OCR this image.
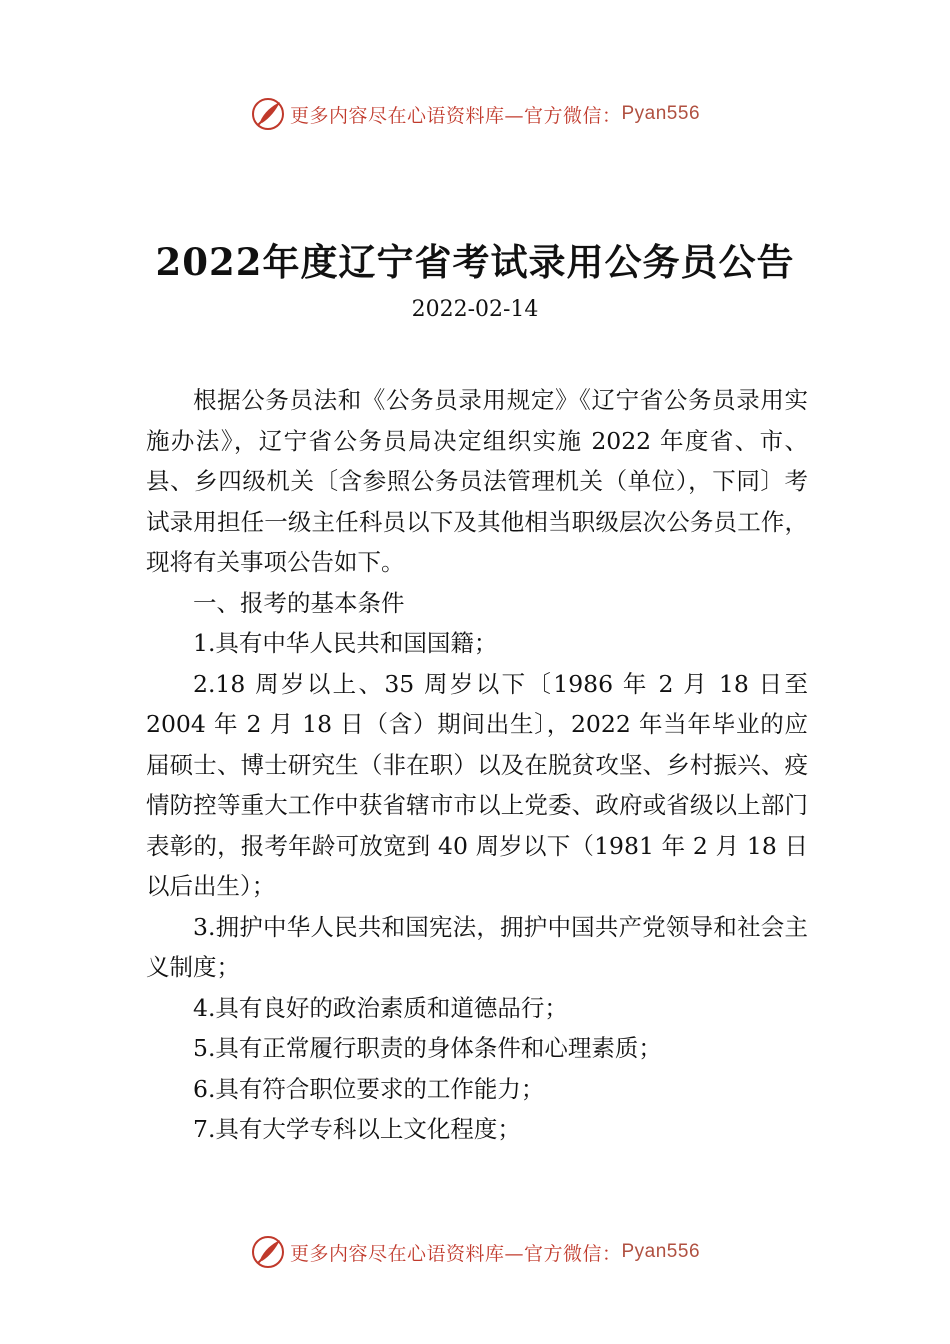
更多内容尽在心语资料库—官方微信： Pyan556
2022年度辽宁省考试录用公务员公告
2022-02-14

根据公务员法和《公务员录用规定》《辽宁省公务员录用实施办法》，辽宁省公务员局决定组织实施 2022 年度省、市、县、乡四级机关〔含参照公务员法管理机关（单位），下同〕考试录用担任一级主任科员以下及其他相当职级层次公务员工作，现将有关事项公告如下。

一、报考的基本条件

1.具有中华人民共和国国籍；

2.18 周岁以上、35 周岁以下〔1986 年 2 月 18 日至 2004 年 2 月 18 日（含）期间出生〕，2022 年当年毕业的应届硕士、博士研究生（非在职）以及在脱贫攻坚、乡村振兴、疫情防控等重大工作中获省辖市市以上党委、政府或省级以上部门表彰的，报考年龄可放宽到 40 周岁以下（1981 年 2 月 18 日以后出生）；

3.拥护中华人民共和国宪法，拥护中国共产党领导和社会主义制度；

4.具有良好的政治素质和道德品行；

5.具有正常履行职责的身体条件和心理素质；

6.具有符合职位要求的工作能力；

7.具有大学专科以上文化程度；

更多内容尽在心语资料库—官方微信： Pyan556
